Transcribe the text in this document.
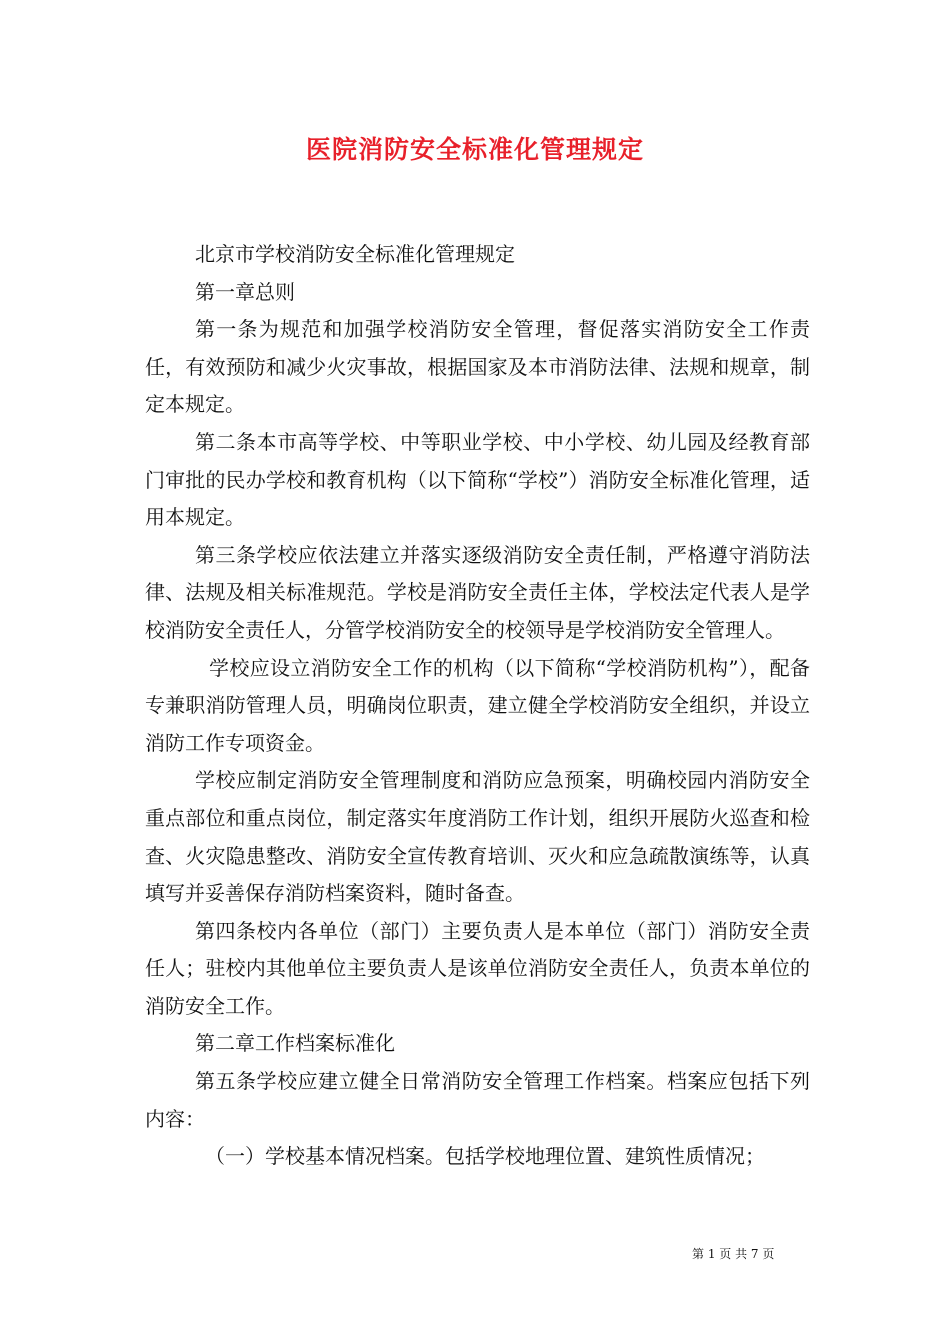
医院消防安全标准化管理规定

北京市学校消防安全标准化管理规定

第一章总则

第一条为规范和加强学校消防安全管理，督促落实消防安全工作责任，有效预防和减少火灾事故，根据国家及本市消防法律、法规和规章，制定本规定。

第二条本市高等学校、中等职业学校、中小学校、幼儿园及经教育部门审批的民办学校和教育机构（以下简称“学校”）消防安全标准化管理，适用本规定。

第三条学校应依法建立并落实逐级消防安全责任制，严格遵守消防法律、法规及相关标准规范。学校是消防安全责任主体，学校法定代表人是学校消防安全责任人，分管学校消防安全的校领导是学校消防安全管理人。

学校应设立消防安全工作的机构（以下简称“学校消防机构”），配备专兼职消防管理人员，明确岗位职责，建立健全学校消防安全组织，并设立消防工作专项资金。

学校应制定消防安全管理制度和消防应急预案，明确校园内消防安全重点部位和重点岗位，制定落实年度消防工作计划，组织开展防火巡查和检查、火灾隐患整改、消防安全宣传教育培训、灭火和应急疏散演练等，认真填写并妥善保存消防档案资料，随时备查。

第四条校内各单位（部门）主要负责人是本单位（部门）消防安全责任人；驻校内其他单位主要负责人是该单位消防安全责任人，负责本单位的消防安全工作。

第二章工作档案标准化

第五条学校应建立健全日常消防安全管理工作档案。档案应包括下列内容：

（一）学校基本情况档案。包括学校地理位置、建筑性质情况；

第 1 页 共 7 页
